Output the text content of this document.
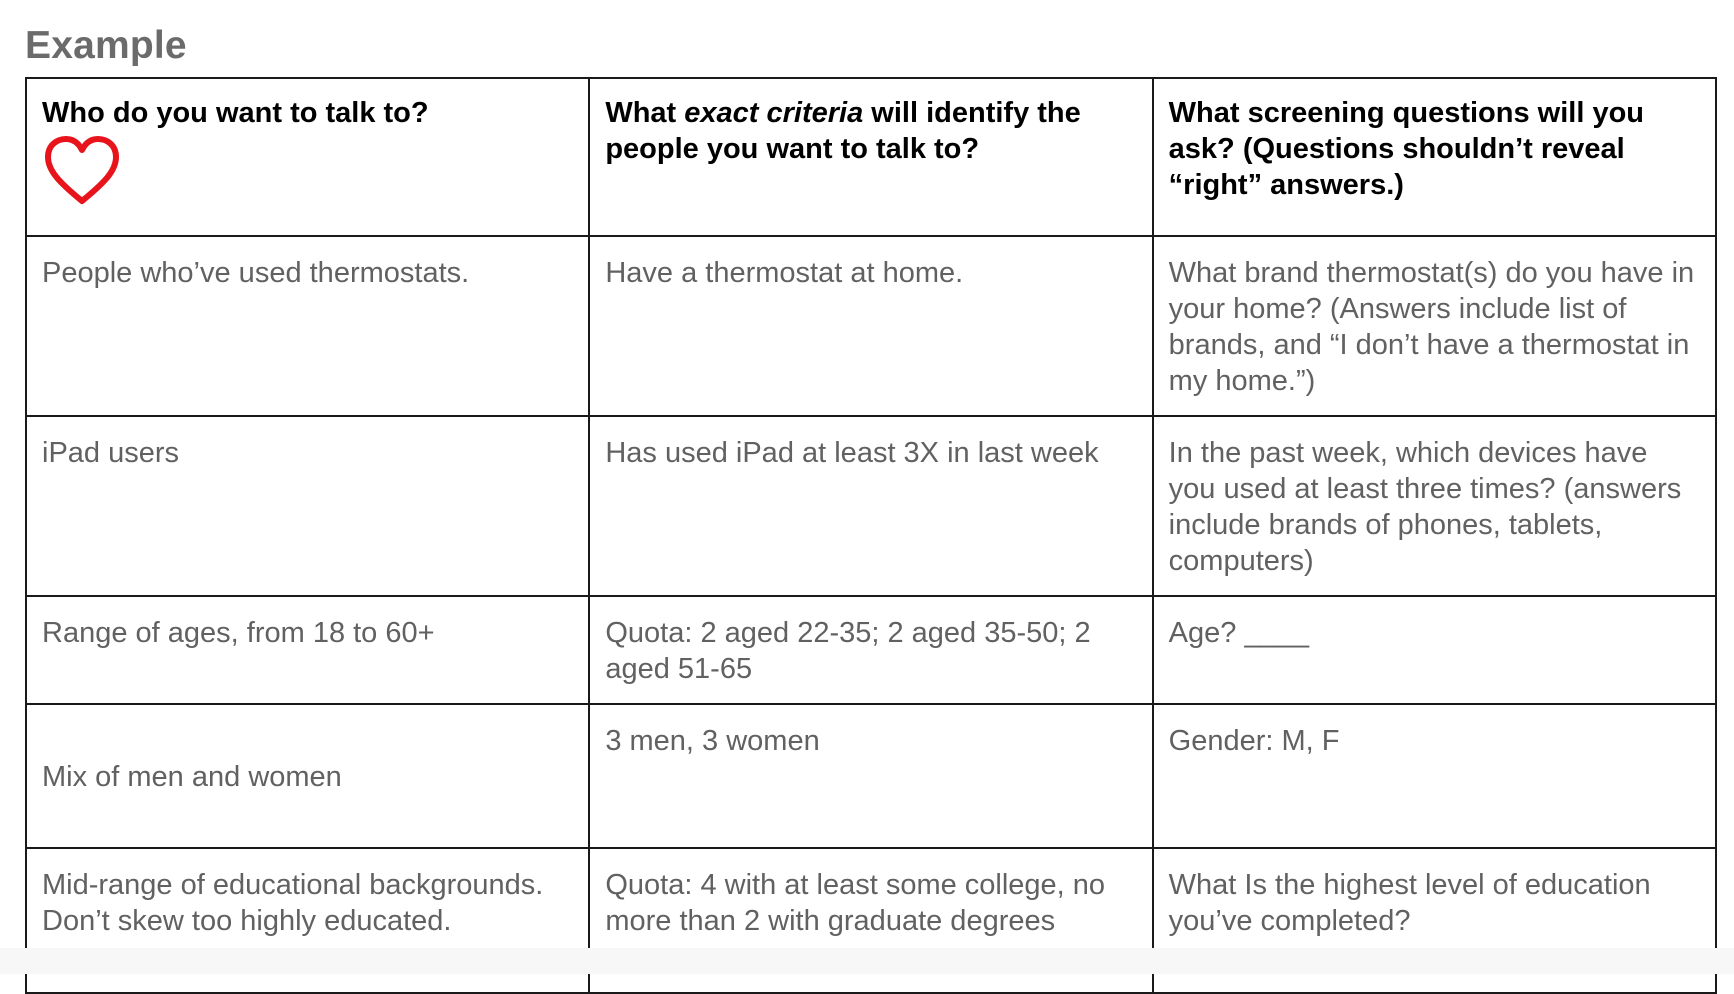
Example
Who do you want to talk to?	What exact criteria will identify the people you want to talk to?	What screening questions will you ask? (Questions shouldn’t reveal “right” answers.)
People who’ve used thermostats.	Have a thermostat at home.	What brand thermostat(s) do you have in your home? (Answers include list of brands, and “I don’t have a thermostat in my home.”)
iPad users	Has used iPad at least 3X in last week	In the past week, which devices have you used at least three times? (answers include brands of phones, tablets, computers)
Range of ages, from 18 to 60+	Quota: 2 aged 22-35; 2 aged 35-50; 2 aged 51-65	Age? ____
Mix of men and women	3 men, 3 women	Gender: M, F
Mid-range of educational backgrounds. Don’t skew too highly educated.	Quota: 4 with at least some college, no more than 2 with graduate degrees	What Is the highest level of education you’ve completed?
